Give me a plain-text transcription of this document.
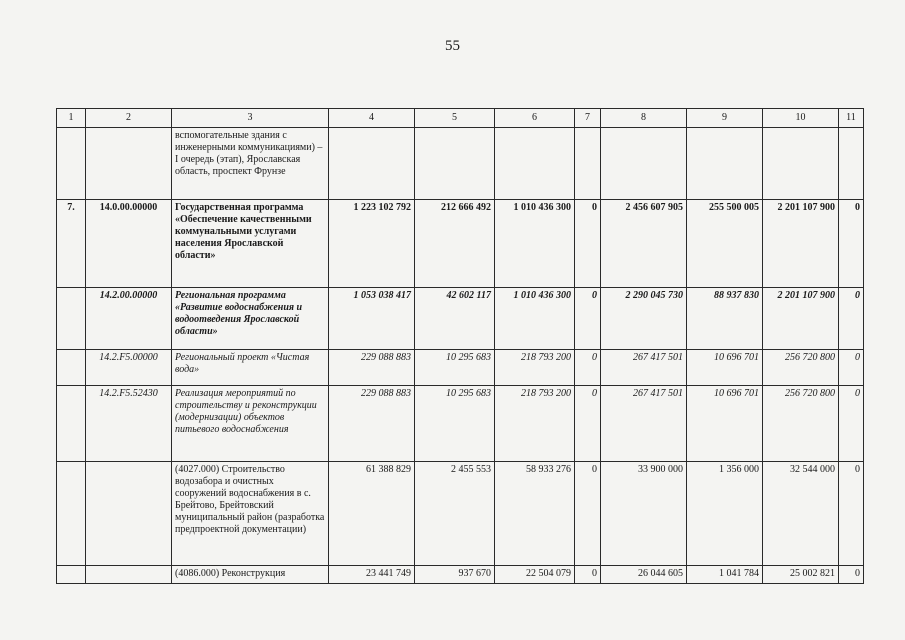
55
1	2	3	4	5	6	7	8	9	10	11
		вспомогательные здания с инженерными коммуникациями) – I очередь (этап), Ярославская область, проспект Фрунзе								
7.	14.0.00.00000	Государственная программа «Обеспечение качественными коммунальными услугами населения Ярославской области»	1 223 102 792	212 666 492	1 010 436 300	0	2 456 607 905	255 500 005	2 201 107 900	0
	14.2.00.00000	Региональная программа «Развитие водоснабжения и водоотведения Ярославской области»	1 053 038 417	42 602 117	1 010 436 300	0	2 290 045 730	88 937 830	2 201 107 900	0
	14.2.F5.00000	Региональный проект «Чистая вода»	229 088 883	10 295 683	218 793 200	0	267 417 501	10 696 701	256 720 800	0
	14.2.F5.52430	Реализация мероприятий по строительству и реконструкции (модернизации) объектов питьевого водоснабжения	229 088 883	10 295 683	218 793 200	0	267 417 501	10 696 701	256 720 800	0
		(4027.000) Строительство водозабора и очистных сооружений водоснабжения в с. Брейтово, Брейтовский муниципальный район (разработка предпроектной документации)	61 388 829	2 455 553	58 933 276	0	33 900 000	1 356 000	32 544 000	0
		(4086.000) Реконструкция	23 441 749	937 670	22 504 079	0	26 044 605	1 041 784	25 002 821	0
